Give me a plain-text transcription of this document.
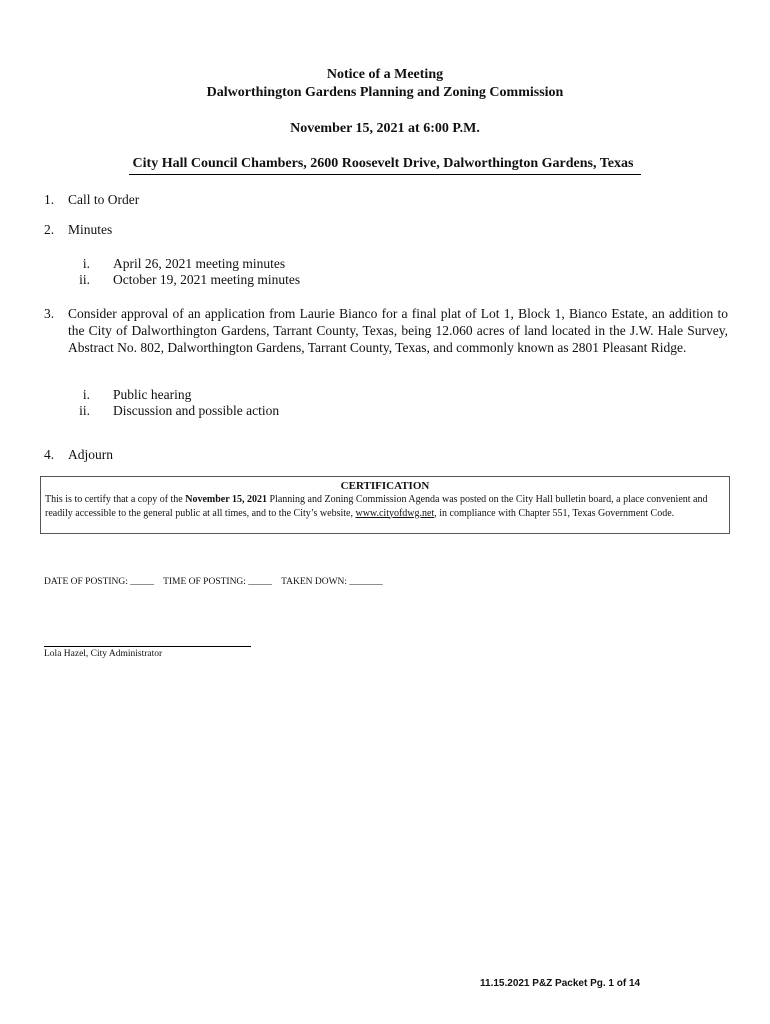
Notice of a Meeting
Dalworthington Gardens Planning and Zoning Commission
November 15, 2021 at 6:00 P.M.
City Hall Council Chambers, 2600 Roosevelt Drive, Dalworthington Gardens, Texas
1. Call to Order
2. Minutes
i. April 26, 2021 meeting minutes
ii. October 19, 2021 meeting minutes
3. Consider approval of an application from Laurie Bianco for a final plat of Lot 1, Block 1, Bianco Estate, an addition to the City of Dalworthington Gardens, Tarrant County, Texas, being 12.060 acres of land located in the J.W. Hale Survey, Abstract No. 802, Dalworthington Gardens, Tarrant County, Texas, and commonly known as 2801 Pleasant Ridge.
i. Public hearing
ii. Discussion and possible action
4. Adjourn
CERTIFICATION
This is to certify that a copy of the November 15, 2021 Planning and Zoning Commission Agenda was posted on the City Hall bulletin board, a place convenient and readily accessible to the general public at all times, and to the City’s website, www.cityofdwg.net, in compliance with Chapter 551, Texas Government Code.
DATE OF POSTING: _____ TIME OF POSTING: _____ TAKEN DOWN: _______
Lola Hazel, City Administrator
11.15.2021 P&Z Packet Pg. 1 of 14
